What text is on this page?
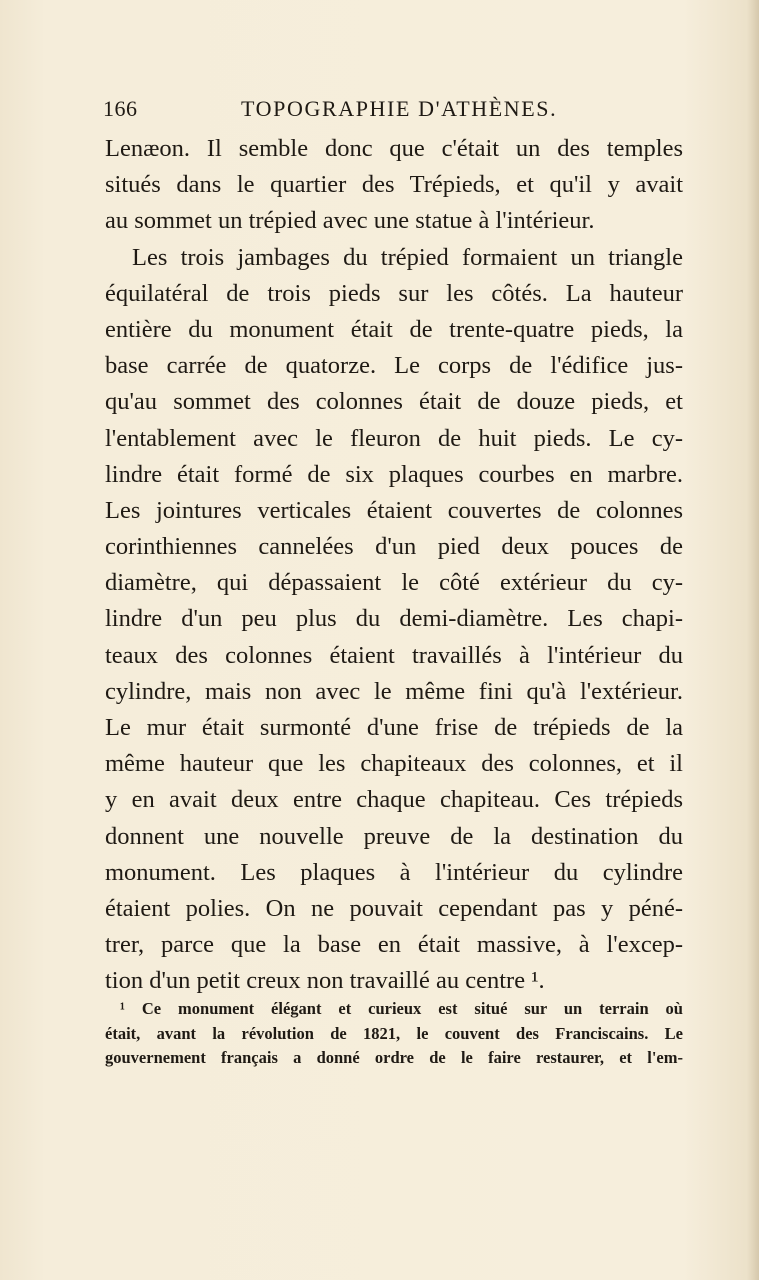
166	TOPOGRAPHIE D'ATHÈNES.
Lenæon. Il semble donc que c'était un des temples
situés dans le quartier des Trépieds, et qu'il y avait
au sommet un trépied avec une statue à l'intérieur.
Les trois jambages du trépied formaient un triangle
équilatéral de trois pieds sur les côtés. La hauteur
entière du monument était de trente-quatre pieds, la
base carrée de quatorze. Le corps de l'édifice jus-
qu'au sommet des colonnes était de douze pieds, et
l'entablement avec le fleuron de huit pieds. Le cy-
lindre était formé de six plaques courbes en marbre.
Les jointures verticales étaient couvertes de colonnes
corinthiennes cannelées d'un pied deux pouces de
diamètre, qui dépassaient le côté extérieur du cy-
lindre d'un peu plus du demi-diamètre. Les chapi-
teaux des colonnes étaient travaillés à l'intérieur du
cylindre, mais non avec le même fini qu'à l'extérieur.
Le mur était surmonté d'une frise de trépieds de la
même hauteur que les chapiteaux des colonnes, et il
y en avait deux entre chaque chapiteau. Ces trépieds
donnent une nouvelle preuve de la destination du
monument. Les plaques à l'intérieur du cylindre
étaient polies. On ne pouvait cependant pas y péné-
trer, parce que la base en était massive, à l'excep-
tion d'un petit creux non travaillé au centre ¹.
¹ Ce monument élégant et curieux est situé sur un terrain où
était, avant la révolution de 1821, le couvent des Franciscains. Le
gouvernement français a donné ordre de le faire restaurer, et l'em-
